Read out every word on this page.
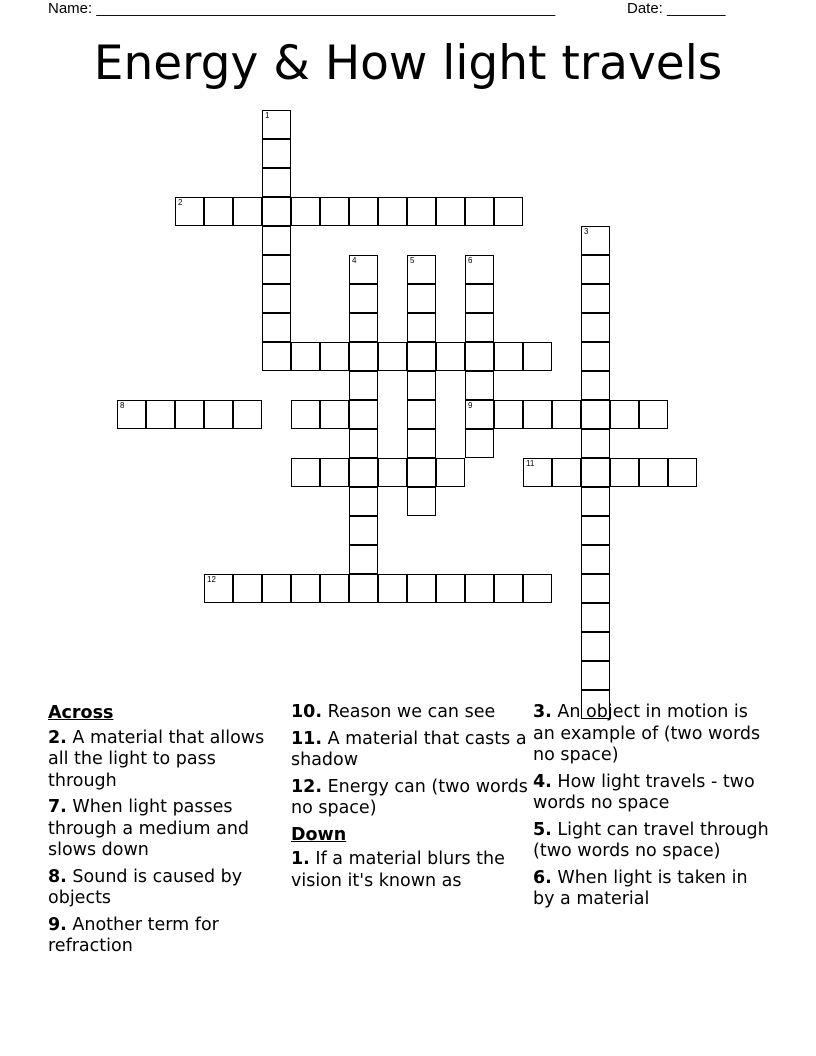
Name: _______________________________________________________	Date: _______
Energy & How light travels
1
2
3
4	5	6
9
8
11
12
Across
2. A material that allows all the light to pass through
7. When light passes through a medium and slows down
8. Sound is caused by objects
9. Another term for refraction
10. Reason we can see
11. A material that casts a shadow
12. Energy can (two words no space)
Down
1. If a material blurs the vision it's known as
3. An object in motion is an example of (two words no space)
4. How light travels - two words no space
5. Light can travel through (two words no space)
6. When light is taken in by a material
